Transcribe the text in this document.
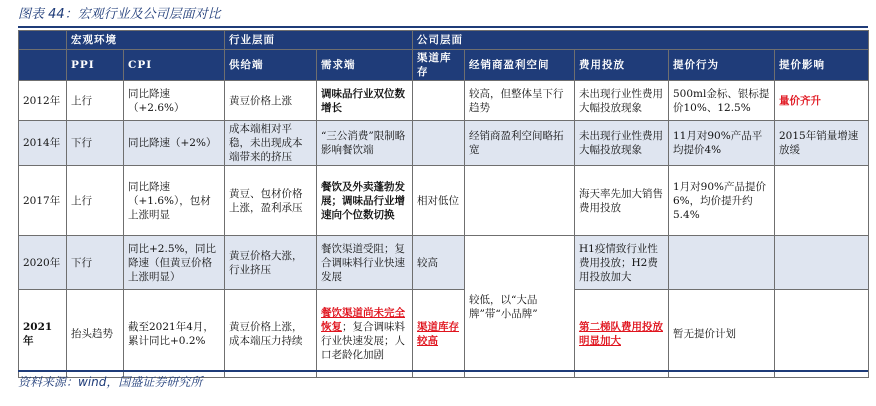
图表 44：宏观行业及公司层面对比
	宏观环境		行业层面		公司层面				
	PPI	CPI	供给端	需求端	渠道库存	经销商盈利空间	费用投放	提价行为	提价影响
2012年	上行	同比降速（+2.6%）	黄豆价格上涨	调味品行业双位数增长		较高，但整体呈下行趋势	未出现行业性费用大幅投放现象	500ml金标、银标提价10%、12.5%	量价齐升
2014年	下行	同比降速（+2%）	成本端相对平稳，未出现成本端带来的挤压	“三公消费”限制略影响餐饮端		经销商盈利空间略拓宽	未出现行业性费用大幅投放现象	11月对90%产品平均提价4%	2015年销量增速放缓
2017年	上行	同比降速（+1.6%），包材上涨明显	黄豆、包材价格上涨，盈利承压	餐饮及外卖蓬勃发展；调味品行业增速向个位数切换	相对低位		海天率先加大销售费用投放	1月对90%产品提价6%，均价提升约5.4%	
2020年	下行	同比+2.5%，同比降速（但黄豆价格上涨明显）	黄豆价格大涨，行业挤压	餐饮渠道受阻；复合调味料行业快速发展	较高	较低，以“大品牌”带“小品牌”	H1疫情致行业性费用投放；H2费用投放加大		
2021年	抬头趋势	截至2021年4月，累计同比+0.2%	黄豆价格上涨，成本端压力持续	餐饮渠道尚未完全恢复；复合调味料行业快速发展；人口老龄化加剧	渠道库存较高		第二梯队费用投放明显加大	暂无提价计划	
资料来源：wind，国盛证券研究所
